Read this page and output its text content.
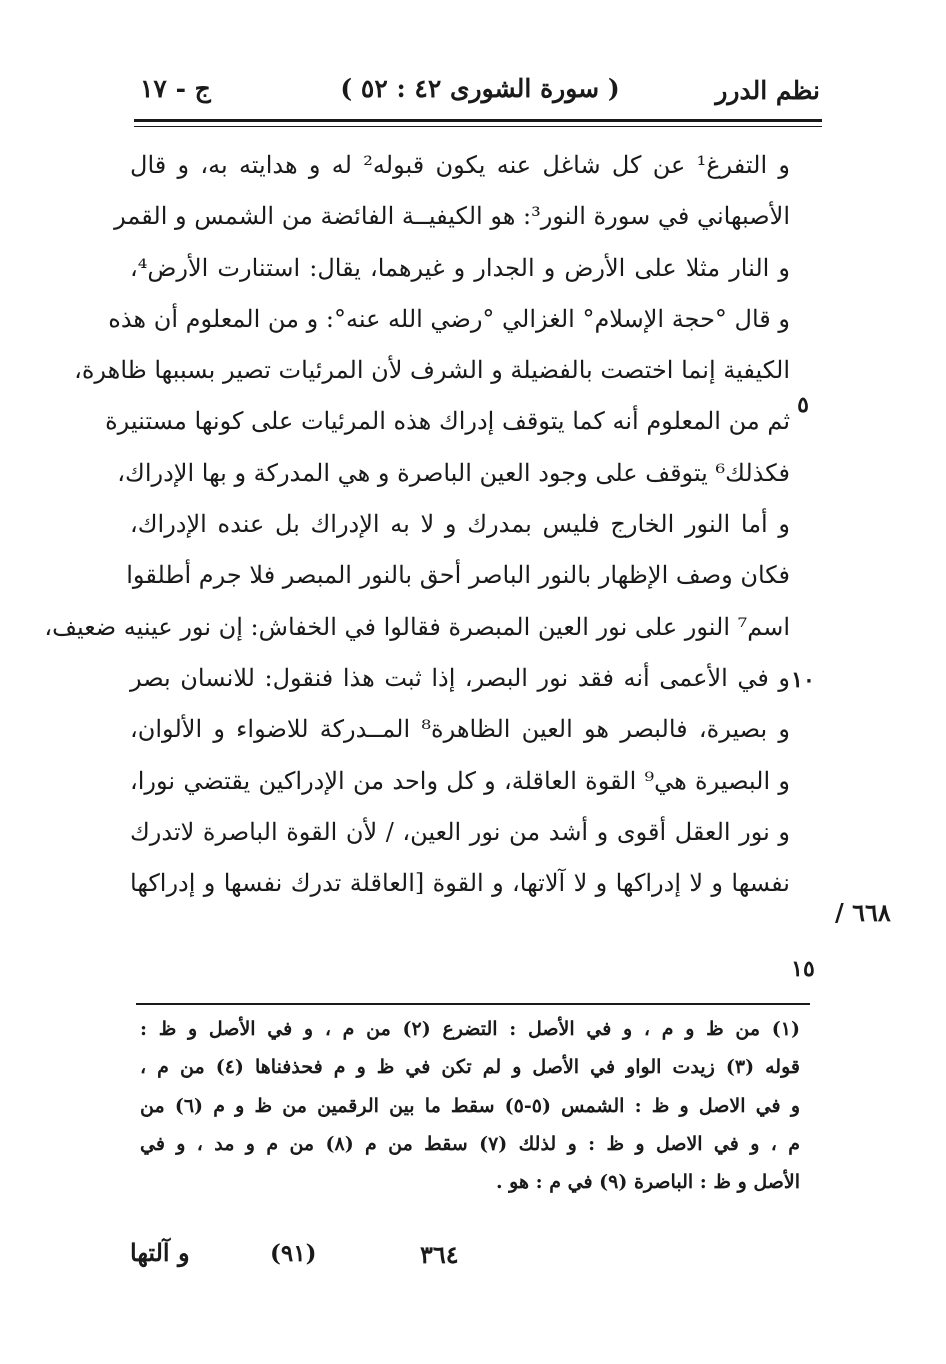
نظم الدرر
( سورة الشورى ٤٢ : ٥٢ )
ج - ١٧
و التفرغ¹ عن كل شاغل عنه يكون قبوله² له و هدايته به، و قال
الأصبهاني في سورة النور³: هو الكيفيــة الفائضة من الشمس و القمر
و النار مثلا على الأرض و الجدار و غيرهما، يقال: استنارت الأرض⁴،
و قال °حجة الإسلام° الغزالي °رضي الله عنه°: و من المعلوم أن هذه
الكيفية إنما اختصت بالفضيلة و الشرف لأن المرئيات تصير بسببها ظاهرة،
ثم من المعلوم أنه كما يتوقف إدراك هذه المرئيات على كونها مستنيرة
فكذلك⁶ يتوقف على وجود العين الباصرة و هي المدركة و بها الإدراك،
و أما النور الخارج فليس بمدرك و لا به الإدراك بل عنده الإدراك،
فكان وصف الإظهار بالنور الباصر أحق بالنور المبصر فلا جرم أطلقوا
اسم⁷ النور على نور العين المبصرة فقالوا في الخفاش: إن نور عينيه ضعيف،
و في الأعمى أنه فقد نور البصر، إذا ثبت هذا فنقول: للانسان بصر
و بصيرة، فالبصر هو العين الظاهرة⁸ المــدركة للاضواء و الألوان،
و البصيرة هي⁹ القوة العاقلة، و كل واحد من الإدراكين يقتضي نورا،
و نور العقل أقوى و أشد من نور العين، / لأن القوة الباصرة لاتدرك
نفسها و لا إدراكها و لا آلاتها، و القوة [العاقلة تدرك نفسها و إدراكها
٥
١٠
١٥
٦٦٨ /
(١) من ظ و م ، و في الأصل : التضرع (٢) من م ، و في الأصل و ظ :
قوله (٣) زيدت الواو في الأصل و لم تكن في ظ و م فحذفناها (٤) من م ،
و في الاصل و ظ : الشمس (٥-٥) سقط ما بين الرقمين من ظ و م (٦) من
م ، و في الاصل و ظ : و لذلك (٧) سقط من م (٨) من م و مد ، و في
الأصل و ظ : الباصرة (٩) في م : هو .
و آلتها	(٩١)	٣٦٤
